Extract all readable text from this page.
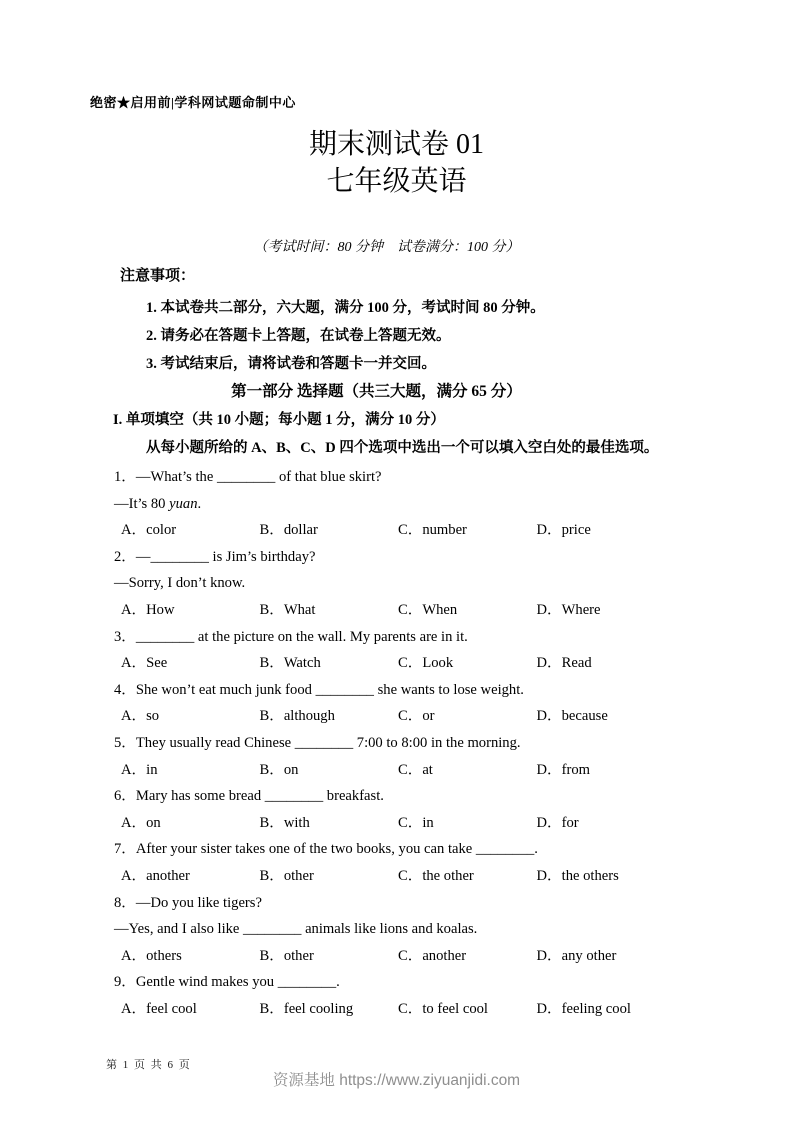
绝密★启用前|学科网试题命制中心
期末测试卷 01
七年级英语
（考试时间：80 分钟　试卷满分：100 分）
注意事项：
1. 本试卷共二部分，六大题，满分 100 分，考试时间 80 分钟。
2. 请务必在答题卡上答题，在试卷上答题无效。
3. 考试结束后，请将试卷和答题卡一并交回。
第一部分 选择题（共三大题，满分 65 分）
I. 单项填空（共 10 小题；每小题 1 分，满分 10 分）
从每小题所给的 A、B、C、D 四个选项中选出一个可以填入空白处的最佳选项。
1．—What’s the ________ of that blue skirt?
—It’s 80 yuan.
A．color	B．dollar	C．number	D．price
2．—________ is Jim’s birthday?
—Sorry, I don’t know.
A．How	B．What	C．When	D．Where
3．________ at the picture on the wall. My parents are in it.
A．See	B．Watch	C．Look	D．Read
4．She won’t eat much junk food ________ she wants to lose weight.
A．so	B．although	C．or	D．because
5．They usually read Chinese ________ 7:00 to 8:00 in the morning.
A．in	B．on	C．at	D．from
6．Mary has some bread ________ breakfast.
A．on	B．with	C．in	D．for
7．After your sister takes one of the two books, you can take ________.
A．another	B．other	C．the other	D．the others
8．—Do you like tigers?
—Yes, and I also like ________ animals like lions and koalas.
A．others	B．other	C．another	D．any other
9．Gentle wind makes you ________.
A．feel cool	B．feel cooling	C．to feel cool	D．feeling cool
第 1 页 共 6 页
资源基地 https://www.ziyuanjidi.com
